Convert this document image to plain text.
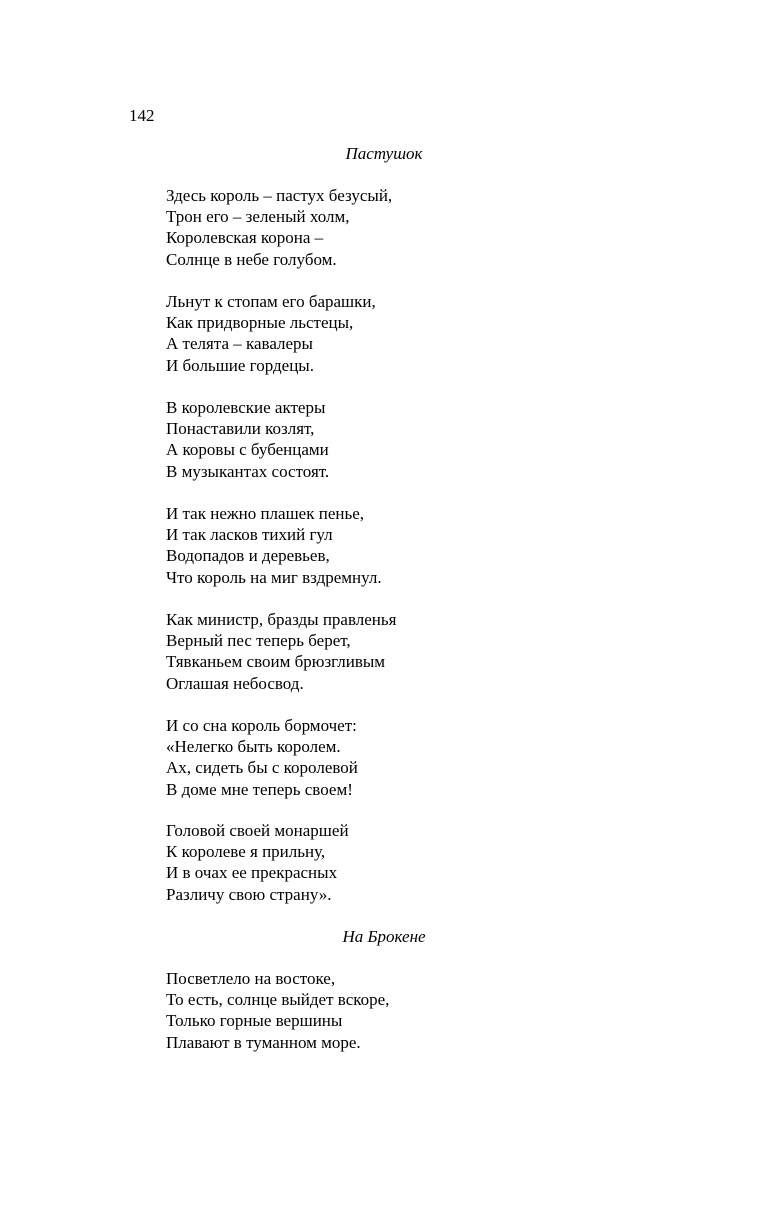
142
Пастушок
Здесь король – пастух безусый,
Трон его – зеленый холм,
Королевская корона –
Солнце в небе голубом.
Льнут к стопам его барашки,
Как придворные льстецы,
А телята – кавалеры
И большие гордецы.
В королевские актеры
Понаставили козлят,
А коровы с бубенцами
В музыкантах состоят.
И так нежно плашек пенье,
И так ласков тихий гул
Водопадов и деревьев,
Что король на миг вздремнул.
Как министр, бразды правленья
Верный пес теперь берет,
Тявканьем своим брюзгливым
Оглашая небосвод.
И со сна король бормочет:
«Нелегко быть королем.
Ах, сидеть бы с королевой
В доме мне теперь своем!
Головой своей монаршей
К королеве я прильну,
И в очах ее прекрасных
Различу свою страну».
На Брокене
Посветлело на востоке,
То есть, солнце выйдет вскоре,
Только горные вершины
Плавают в туманном море.
